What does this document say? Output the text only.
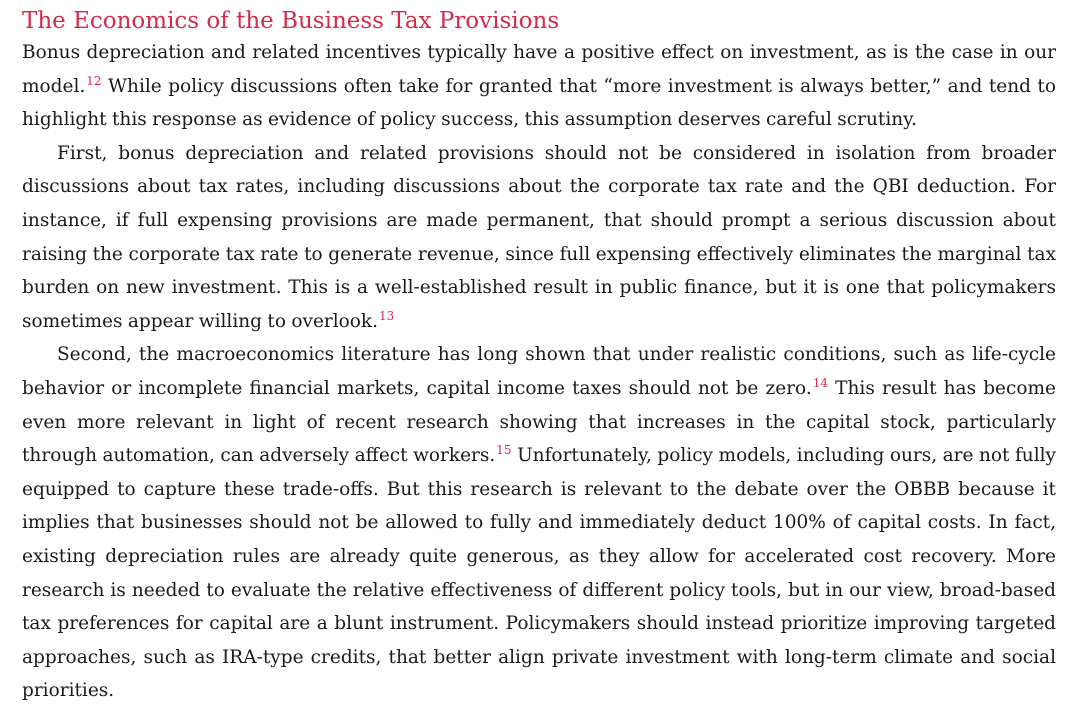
The Economics of the Business Tax Provisions

Bonus depreciation and related incentives typically have a positive effect on investment, as is the case in our model.$^{12}$ While policy discussions often take for granted that “more investment is always better,” and tend to highlight this response as evidence of policy success, this assumption deserves careful scrutiny.

First, bonus depreciation and related provisions should not be considered in isolation from broader discussions about tax rates, including discussions about the corporate tax rate and the QBI deduction. For instance, if full expensing provisions are made permanent, that should prompt a serious discussion about raising the corporate tax rate to generate revenue, since full expensing effectively eliminates the marginal tax burden on new investment. This is a well-established result in public finance, but it is one that policymakers sometimes appear willing to overlook.$^{13}$

Second, the macroeconomics literature has long shown that under realistic conditions, such as life-cycle behavior or incomplete financial markets, capital income taxes should not be zero.$^{14}$ This result has become even more relevant in light of recent research showing that increases in the capital stock, particularly through automation, can adversely affect workers.$^{15}$ Unfortunately, policy models, including ours, are not fully equipped to capture these trade-offs. But this research is relevant to the debate over the OBBB because it implies that businesses should not be allowed to fully and immediately deduct 100% of capital costs. In fact, existing depreciation rules are already quite generous, as they allow for accelerated cost recovery. More research is needed to evaluate the relative effectiveness of different policy tools, but in our view, broad-based tax preferences for capital are a blunt instrument. Policymakers should instead prioritize improving targeted approaches, such as IRA-type credits, that better align private investment with long-term climate and social priorities.
